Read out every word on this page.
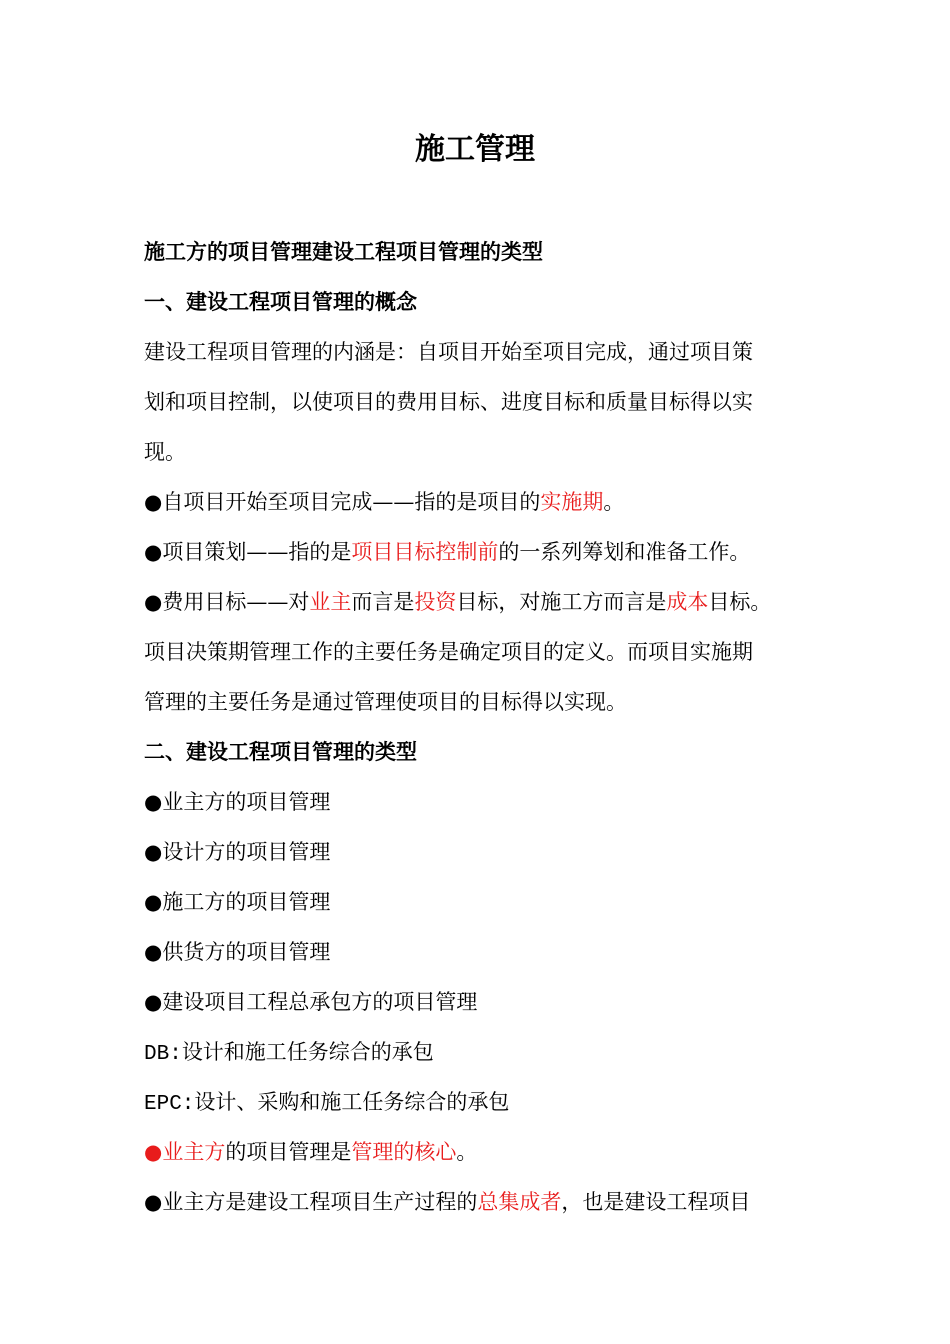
施工管理
施工方的项目管理建设工程项目管理的类型
一、建设工程项目管理的概念
建设工程项目管理的内涵是：自项目开始至项目完成，通过项目策
划和项目控制，以使项目的费用目标、进度目标和质量目标得以实
现。
●自项目开始至项目完成——指的是项目的实施期。
●项目策划——指的是项目目标控制前的一系列筹划和准备工作。
●费用目标——对业主而言是投资目标，对施工方而言是成本目标。
项目决策期管理工作的主要任务是确定项目的定义。而项目实施期
管理的主要任务是通过管理使项目的目标得以实现。
二、建设工程项目管理的类型
●业主方的项目管理
●设计方的项目管理
●施工方的项目管理
●供货方的项目管理
●建设项目工程总承包方的项目管理
DB:设计和施工任务综合的承包
EPC:设计、采购和施工任务综合的承包
●业主方的项目管理是管理的核心。
●业主方是建设工程项目生产过程的总集成者，也是建设工程项目
